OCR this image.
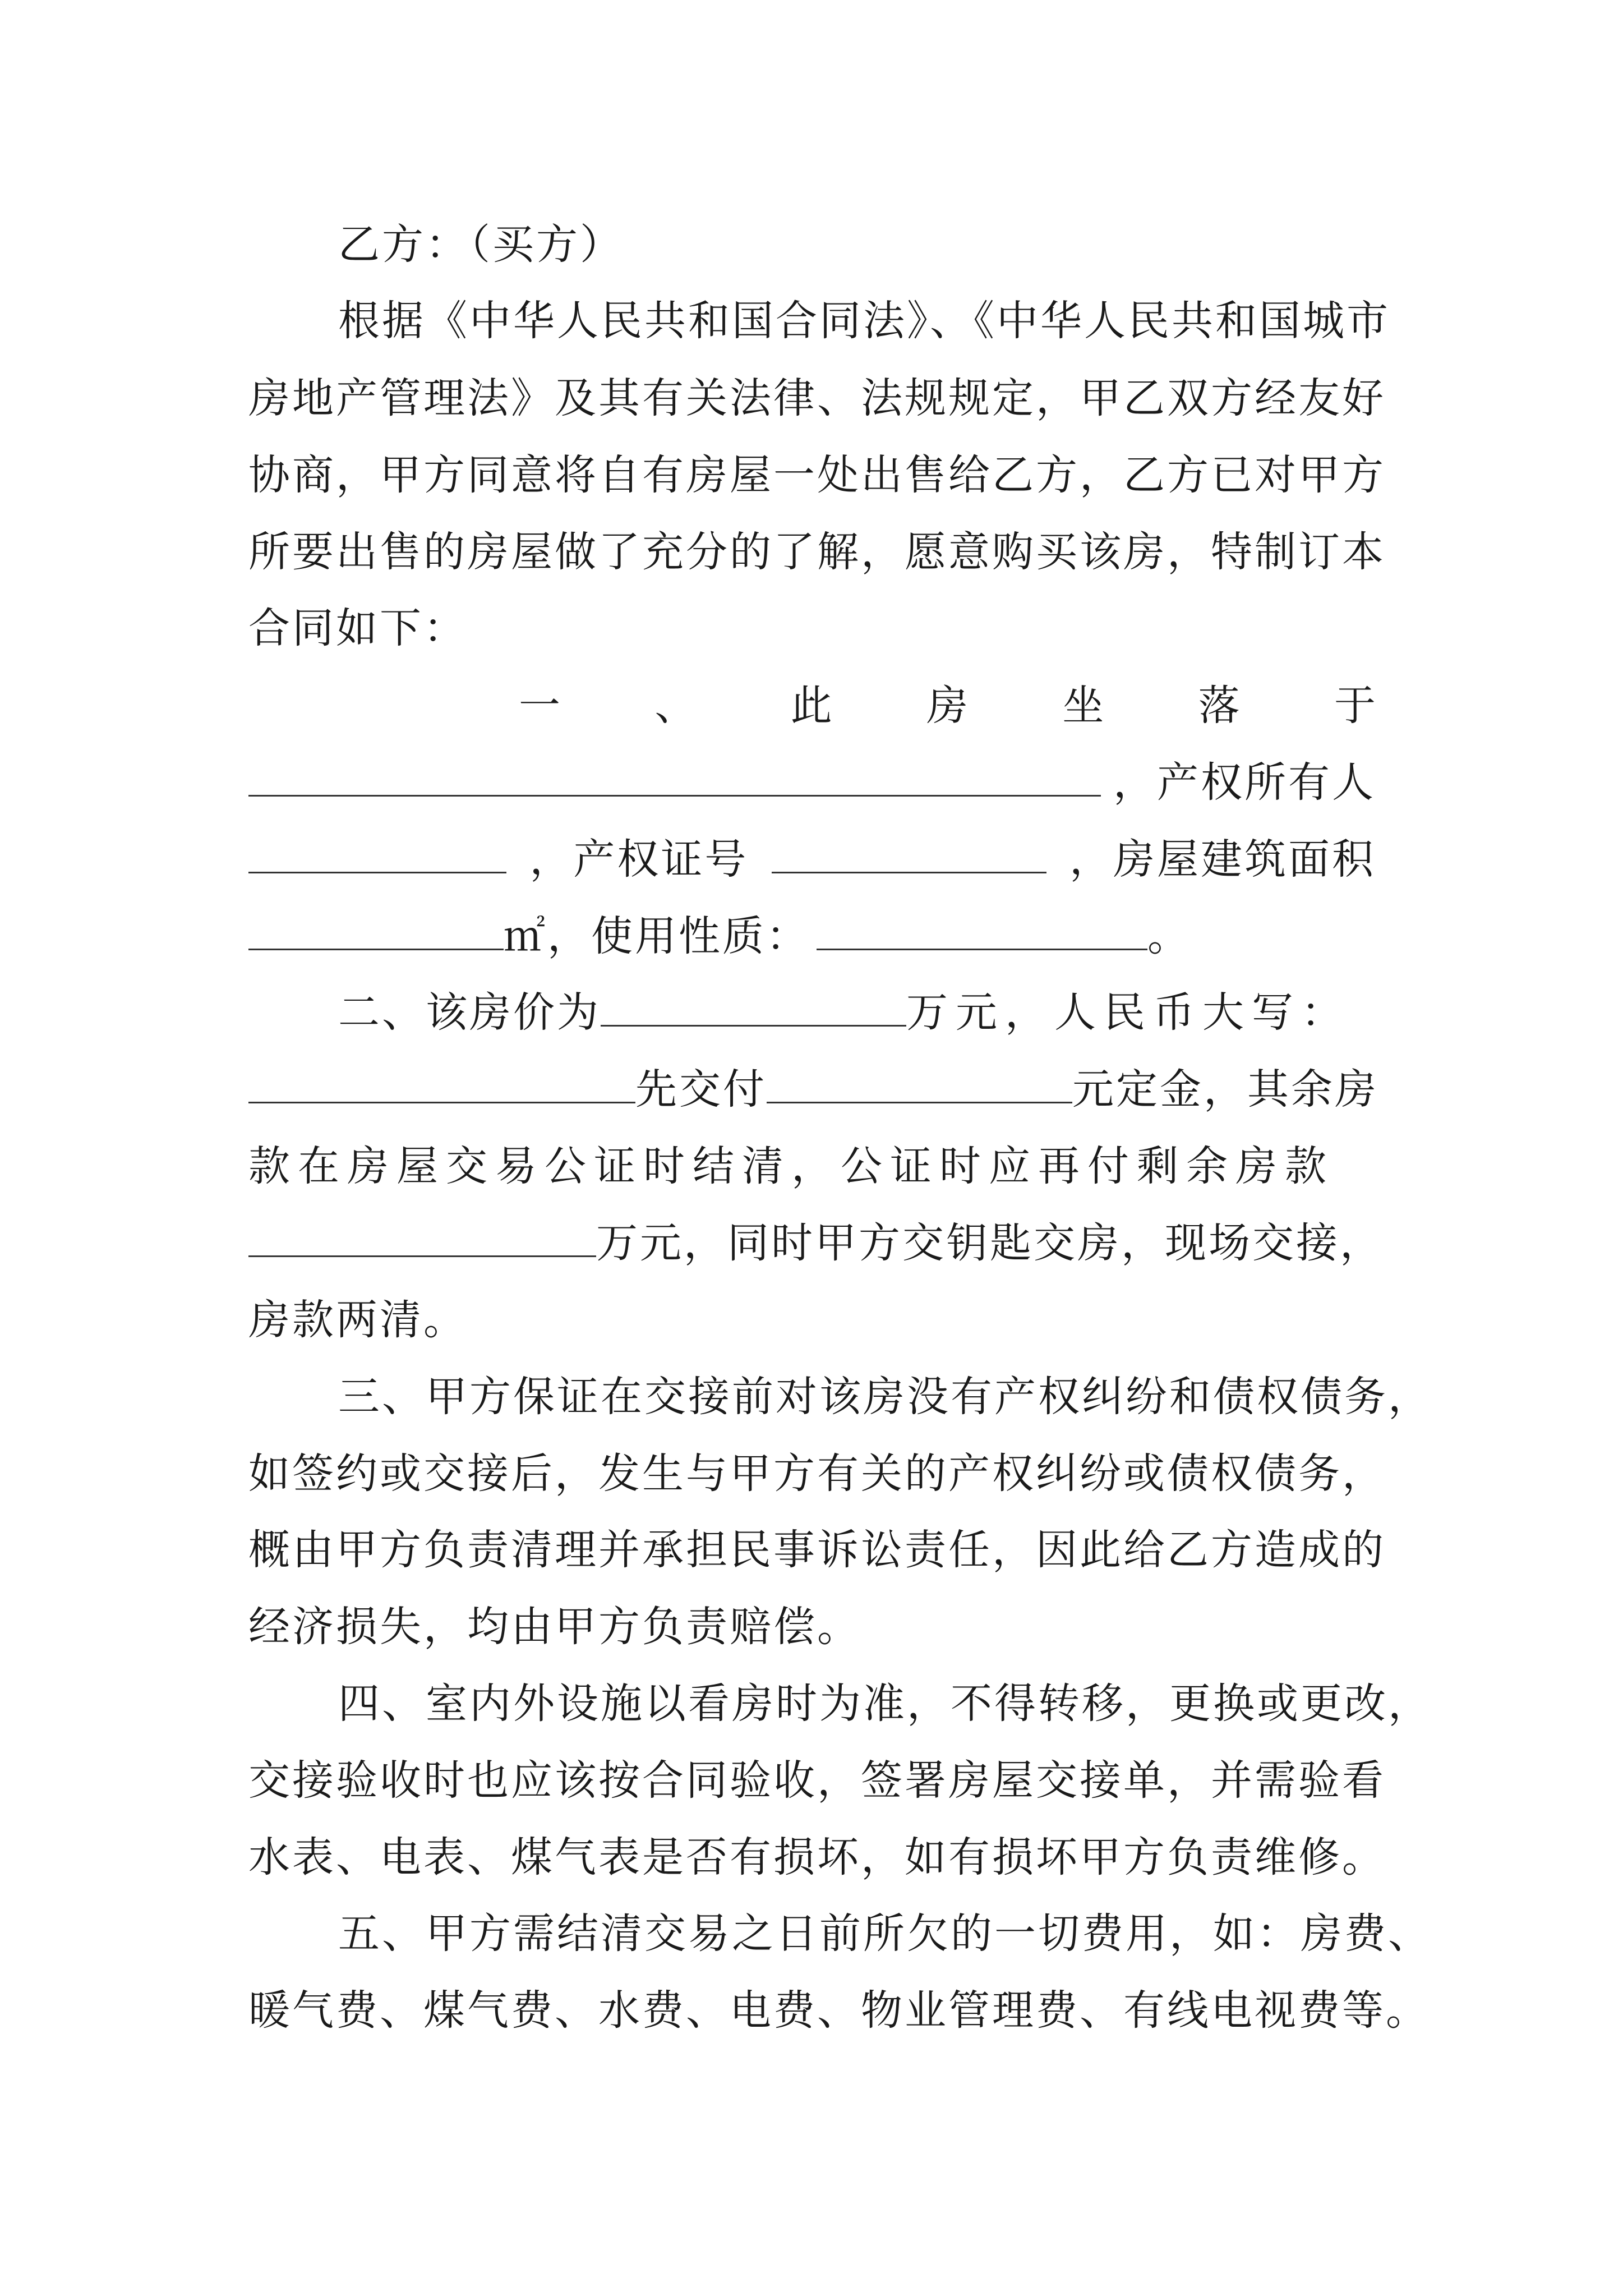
乙方：（买方）
根据《中华人民共和国合同法》、《中华人民共和国城市
房地产管理法》及其有关法律、法规规定，甲乙双方经友好
协商，甲方同意将自有房屋一处出售给乙方，乙方已对甲方
所要出售的房屋做了充分的了解，愿意购买该房，特制订本
合同如下：
一 、 此 房 坐 落 于
，产权所有人
，产权证号	，房屋建筑面积
㎡，使用性质：	。
二、该房价为	万元，人民币大写：
先交付	元定金，其余房
款在房屋交易公证时结清，公证时应再付剩余房款
万元，同时甲方交钥匙交房，现场交接，
房款两清。
三、甲方保证在交接前对该房没有产权纠纷和债权债务，
如签约或交接后，发生与甲方有关的产权纠纷或债权债务，
概由甲方负责清理并承担民事诉讼责任，因此给乙方造成的
经济损失，均由甲方负责赔偿。
四、室内外设施以看房时为准，不得转移，更换或更改，
交接验收时也应该按合同验收，签署房屋交接单，并需验看
水表、电表、煤气表是否有损坏，如有损坏甲方负责维修。
五、甲方需结清交易之日前所欠的一切费用，如：房费、
暖气费、煤气费、水费、电费、物业管理费、有线电视费等。
